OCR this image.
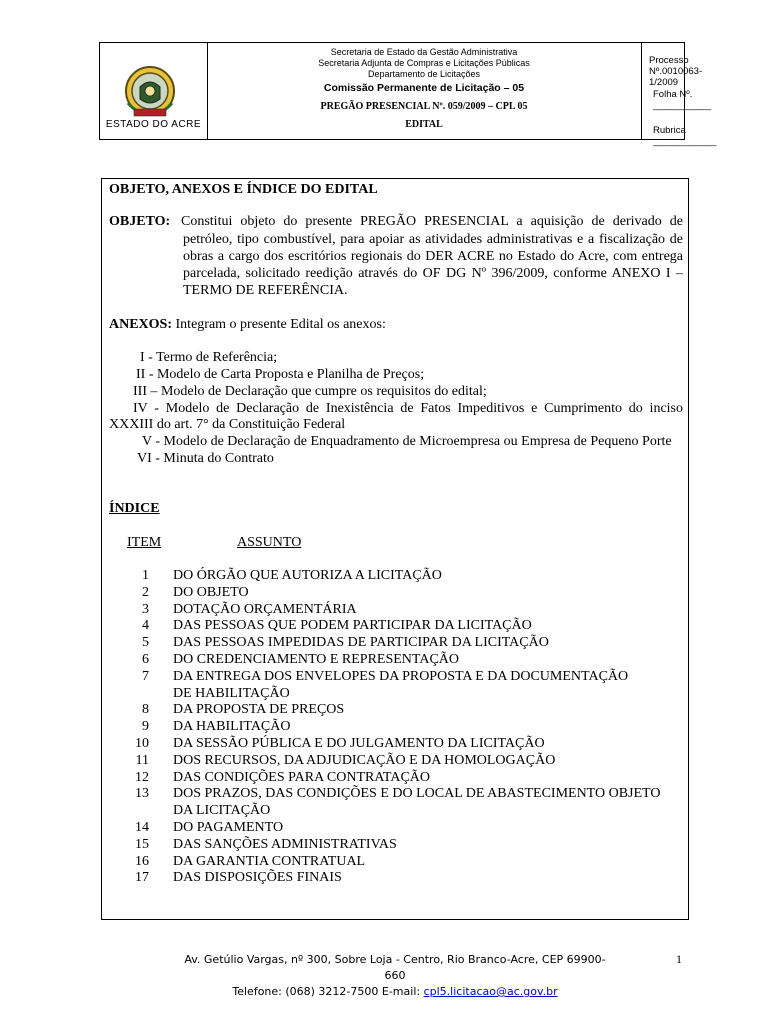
ESTADO DO ACRE
Secretaria de Estado da Gestão Administrativa
Secretaria Adjunta de Compras e Licitações Públicas
Departamento de Licitações
Comissão Permanente de Licitação – 05
PREGÃO PRESENCIAL Nº. 059/2009 – CPL 05
EDITAL
Processo Nº.0010063-1/2009
Folha Nº. ___________
Rubrica ____________
OBJETO, ANEXOS E ÍNDICE DO EDITAL
OBJETO: Constitui objeto do presente PREGÃO PRESENCIAL a aquisição de derivado de
petróleo, tipo combustível, para apoiar as atividades administrativas e a fiscalização de obras a cargo dos escritórios regionais do DER ACRE no Estado do Acre, com entrega parcelada, solicitado reedição através do OF DG Nº 396/2009, conforme ANEXO I – TERMO DE REFERÊNCIA.
ANEXOS: Integram o presente Edital os anexos:
I - Termo de Referência;
II - Modelo de Carta Proposta e Planilha de Preços;
III – Modelo de Declaração que cumpre os requisitos do edital;
IV - Modelo de Declaração de Inexistência de Fatos Impeditivos e Cumprimento do inciso
XXXIII do art. 7° da Constituição Federal
V - Modelo de Declaração de Enquadramento de Microempresa ou Empresa de Pequeno Porte
VI - Minuta do Contrato
ÍNDICE
ITEM	ASSUNTO
1 DO ÓRGÃO QUE AUTORIZA A LICITAÇÃO
2 DO OBJETO
3 DOTAÇÃO ORÇAMENTÁRIA
4 DAS PESSOAS QUE PODEM PARTICIPAR DA LICITAÇÃO
5 DAS PESSOAS IMPEDIDAS DE PARTICIPAR DA LICITAÇÃO
6 DO CREDENCIAMENTO E REPRESENTAÇÃO
7 DA ENTREGA DOS ENVELOPES DA PROPOSTA E DA DOCUMENTAÇÃO
DE HABILITAÇÃO
8 DA PROPOSTA DE PREÇOS
9 DA HABILITAÇÃO
10 DA SESSÃO PÚBLICA E DO JULGAMENTO DA LICITAÇÃO
11 DOS RECURSOS, DA ADJUDICAÇÃO E DA HOMOLOGAÇÃO
12 DAS CONDIÇÕES PARA CONTRATAÇÃO
13 DOS PRAZOS, DAS CONDIÇÕES E DO LOCAL DE ABASTECIMENTO OBJETO
DA LICITAÇÃO
14 DO PAGAMENTO
15 DAS SANÇÕES ADMINISTRATIVAS
16 DA GARANTIA CONTRATUAL
17 DAS DISPOSIÇÕES FINAIS
Av. Getúlio Vargas, nº 300, Sobre Loja - Centro, Rio Branco-Acre, CEP 69900-660
Telefone: (068) 3212-7500 E-mail: cpl5.licitacao@ac.gov.br
1
